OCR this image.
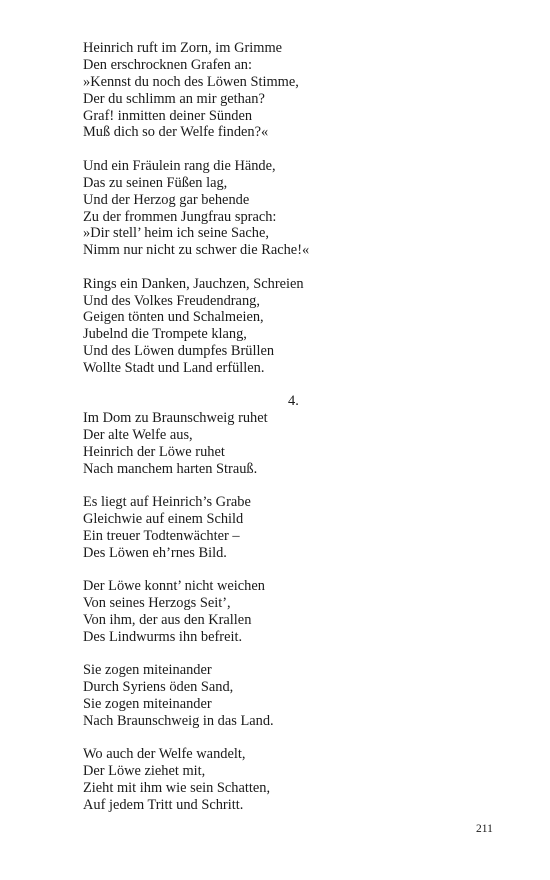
Heinrich ruft im Zorn, im Grimme
Den erschrocknen Grafen an:
»Kennst du noch des Löwen Stimme,
Der du schlimm an mir gethan?
Graf! inmitten deiner Sünden
Muß dich so der Welfe finden?«
Und ein Fräulein rang die Hände,
Das zu seinen Füßen lag,
Und der Herzog gar behende
Zu der frommen Jungfrau sprach:
»Dir stell’ heim ich seine Sache,
Nimm nur nicht zu schwer die Rache!«
Rings ein Danken, Jauchzen, Schreien
Und des Volkes Freudendrang,
Geigen tönten und Schalmeien,
Jubelnd die Trompete klang,
Und des Löwen dumpfes Brüllen
Wollte Stadt und Land erfüllen.
4.
Im Dom zu Braunschweig ruhet
Der alte Welfe aus,
Heinrich der Löwe ruhet
Nach manchem harten Strauß.
Es liegt auf Heinrich’s Grabe
Gleichwie auf einem Schild
Ein treuer Todtenwächter –
Des Löwen eh’rnes Bild.
Der Löwe konnt’ nicht weichen
Von seines Herzogs Seit’,
Von ihm, der aus den Krallen
Des Lindwurms ihn befreit.
Sie zogen miteinander
Durch Syriens öden Sand,
Sie zogen miteinander
Nach Braunschweig in das Land.
Wo auch der Welfe wandelt,
Der Löwe ziehet mit,
Zieht mit ihm wie sein Schatten,
Auf jedem Tritt und Schritt.
211
